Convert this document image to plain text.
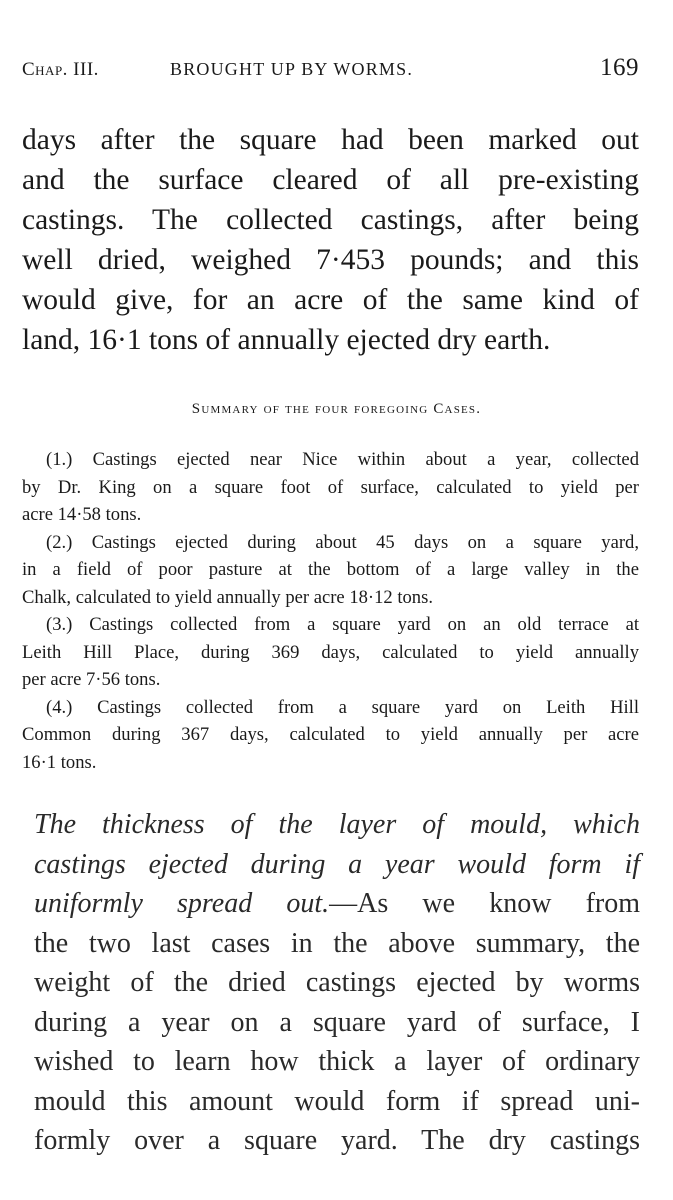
Chap. III.	BROUGHT UP BY WORMS.	169
days after the square had been marked out
and the surface cleared of all pre-existing
castings. The collected castings, after being
well dried, weighed 7·453 pounds; and this
would give, for an acre of the same kind of
land, 16·1 tons of annually ejected dry earth.
Summary of the four foregoing Cases.
(1.) Castings ejected near Nice within about a year, collected
by Dr. King on a square foot of surface, calculated to yield per
acre 14·58 tons.
(2.) Castings ejected during about 45 days on a square yard,
in a field of poor pasture at the bottom of a large valley in the
Chalk, calculated to yield annually per acre 18·12 tons.
(3.) Castings collected from a square yard on an old terrace at
Leith Hill Place, during 369 days, calculated to yield annually
per acre 7·56 tons.
(4.) Castings collected from a square yard on Leith Hill
Common during 367 days, calculated to yield annually per acre
16·1 tons.
The thickness of the layer of mould, which
castings ejected during a year would form if
uniformly spread out.—As we know from
the two last cases in the above summary, the
weight of the dried castings ejected by worms
during a year on a square yard of surface, I
wished to learn how thick a layer of ordinary
mould this amount would form if spread uni-
formly over a square yard. The dry castings
